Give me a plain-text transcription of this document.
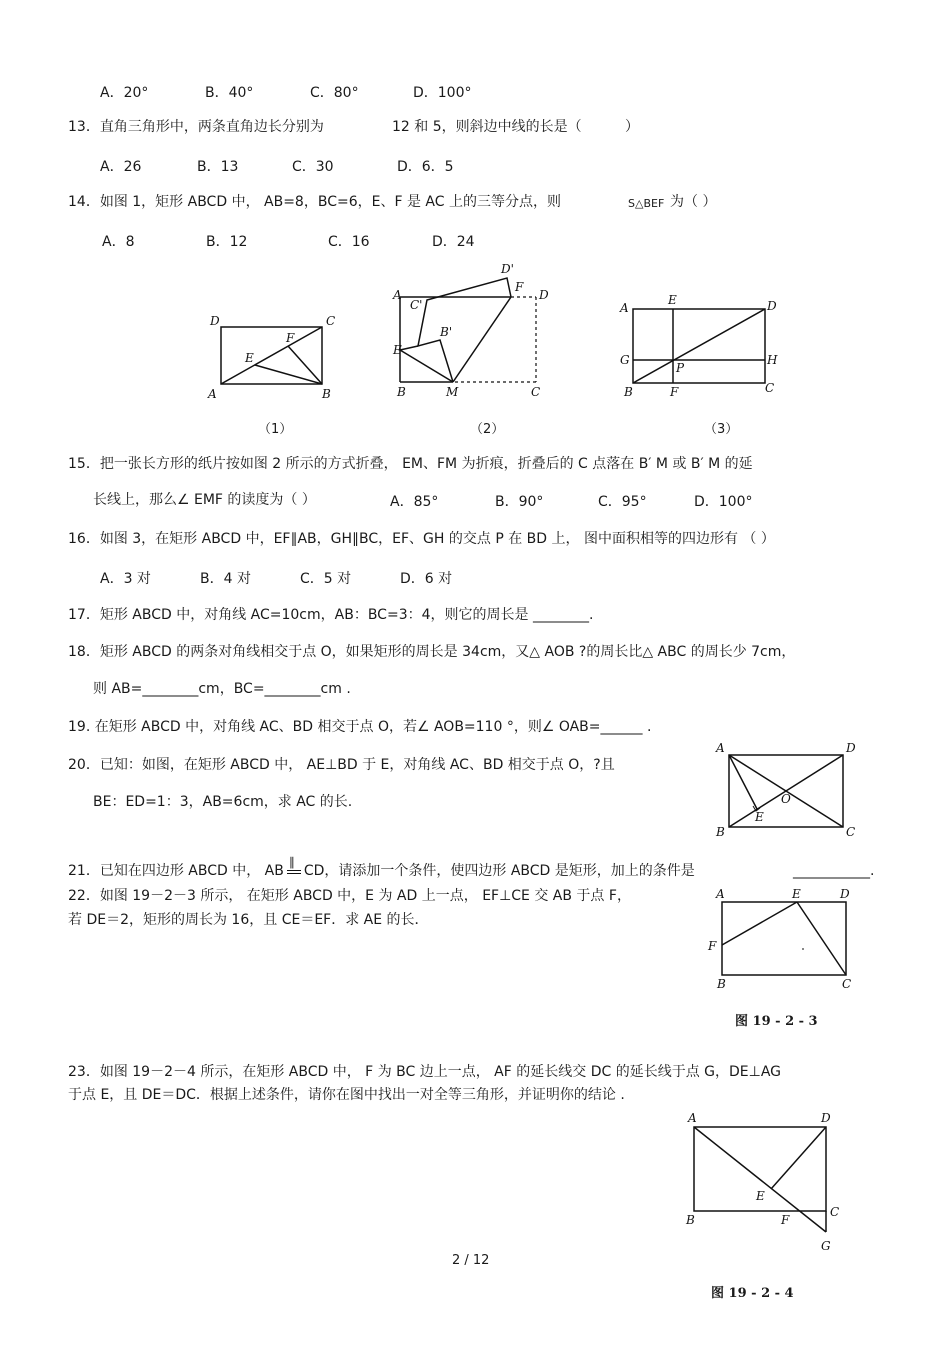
A．20°	B．40°	C．80°	D．100°
13．直角三角形中，两条直角边长分别为	12 和 5，则斜边中线的长是（	）
A．26	B．13	C．30	D．6．5
14．如图 1，矩形 ABCD 中， AB=8，BC=6，E、F 是 AC 上的三等分点，则	S△BEF 为（ ）
A．8	B．12	C．16	D．24
D	C
F
E
A	B
（1）
D'
A
F
D
C'
B'
E
B	M	C
（2）
A
E	D
G	H
P
B	F	C
（3）
15．把一张长方形的纸片按如图 2 所示的方式折叠， EM、FM 为折痕，折叠后的 C 点落在 B′ M 或 B′ M 的延
长线上，那么∠ EMF 的读度为（ ）	A．85°	B．90°	C．95°	D．100°
16．如图 3，在矩形 ABCD 中，EF∥AB，GH∥BC，EF、GH 的交点 P 在 BD 上， 图中面积相等的四边形有 （ ）
A．3 对	B．4 对	C．5 对	D．6 对
17．矩形 ABCD 中，对角线 AC=10cm，AB：BC=3：4，则它的周长是 ________.
18．矩形 ABCD 的两条对角线相交于点 O，如果矩形的周长是 34cm，又△ AOB ?的周长比△ ABC 的周长少 7cm，
则 AB=________cm，BC=________cm .
19. 在矩形 ABCD 中，对角线 AC、BD 相交于点 O，若∠ AOB=110 °，则∠ OAB=______ .
20．已知：如图，在矩形 ABCD 中， AE⊥BD 于 E，对角线 AC、BD 相交于点 O，?且
BE：ED=1：3，AB=6cm，求 AC 的长.
A	D
O
E
B	C
21．已知在四边形 ABCD 中， AB
∥
CD，请添加一个条件，使四边形 ABCD 是矩形，加上的条件是	___________.
22．如图 19－2－3 所示， 在矩形 ABCD 中，E 为 AD 上一点， EF⊥CE 交 AB 于点 F，
若 DE＝2，矩形的周长为 16，且 CE＝EF．求 AE 的长．
A	E	D
F
B	C
图 19 - 2 - 3
23．如图 19－2－4 所示，在矩形 ABCD 中， F 为 BC 边上一点， AF 的延长线交 DC 的延长线于点 G，DE⊥AG
于点 E，且 DE＝DC．根据上述条件，请你在图中找出一对全等三角形，并证明你的结论 .
A	D
E
C
B	F
G
图 19 - 2 - 4
2 / 12
